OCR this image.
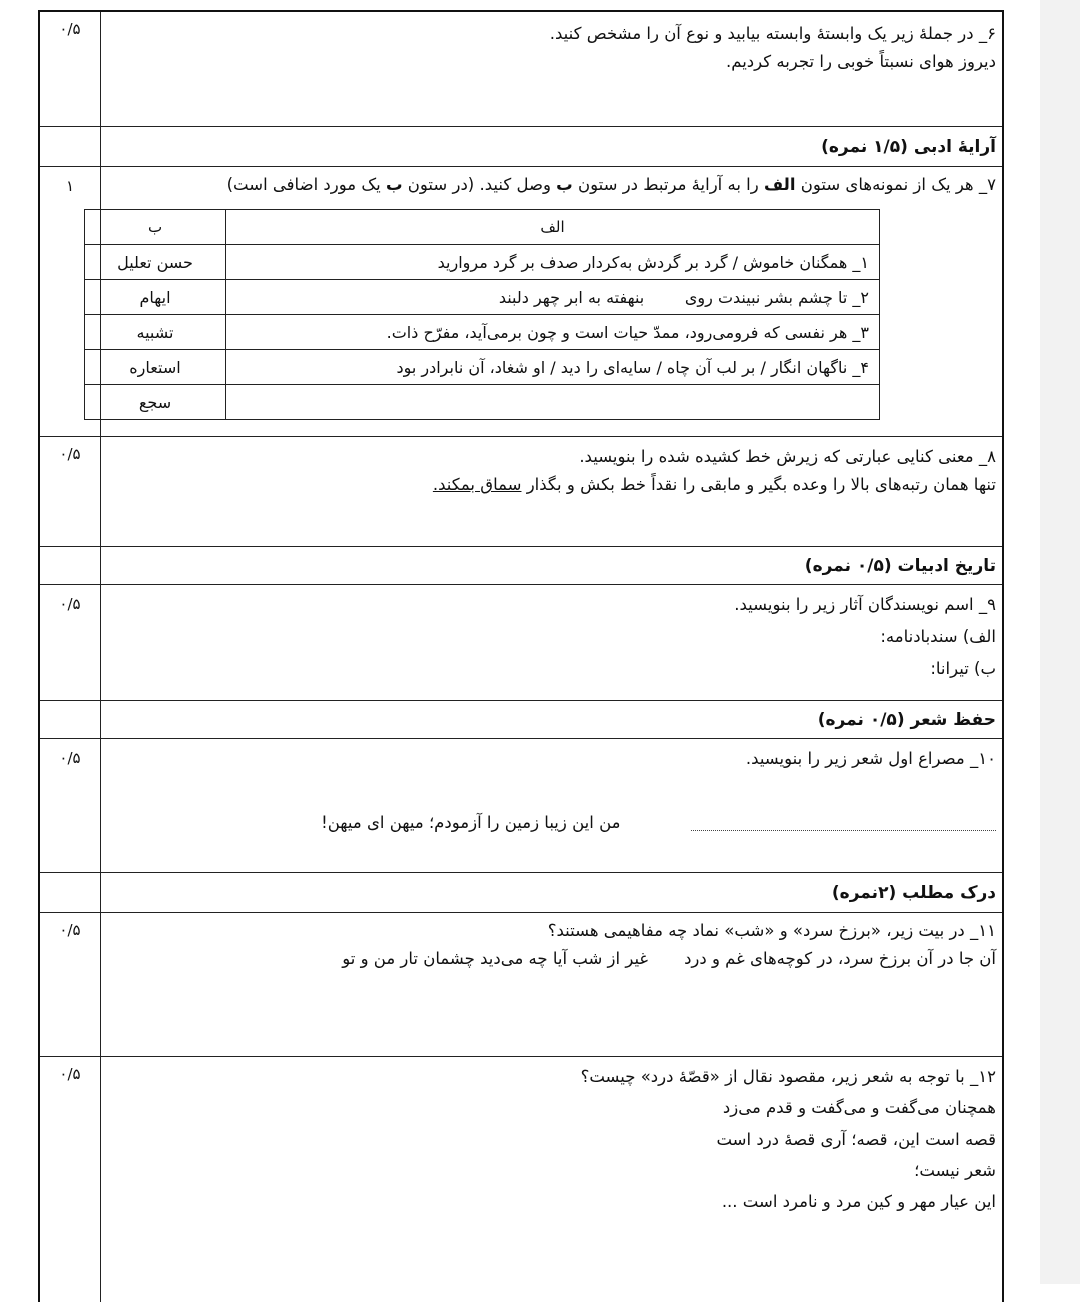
۰/۵	۶_ در جملهٔ زیر یک وابستهٔ وابسته بیابید و نوع آن را مشخص کنید.
دیروز هوای نسبتاً خوبی را تجربه کردیم.
آرایهٔ ادبی (۱/۵ نمره)
۱	۷_ هر یک از نمونه‌های ستون الف را به آرایهٔ مرتبط در ستون ب وصل کنید. (در ستون ب یک مورد اضافی است)
الف	ب
۱_ همگنان خاموش / گرد بر گردش به‌کردار صدف بر گرد مروارید	حسن تعلیل
۲_ تا چشم بشر نبیندت روی        بنهفته به ابر چهر دلبند	ایهام
۳_ هر نفسی که فرومی‌رود، ممدّ حیات است و چون برمی‌آید، مفرّح ذات.	تشبیه
۴_ ناگهان انگار / بر لب آن چاه / سایه‌ای را دید / او شغاد، آن نابرادر بود	استعاره
	سجع
۰/۵	۸_ معنی کنایی عبارتی که زیرش خط کشیده شده را بنویسید.
تنها همان رتبه‌های بالا را وعده بگیر و مابقی را نقداً خط بکش و بگذار سماق بمکند.
تاریخ ادبیات (۰/۵ نمره)
۰/۵	۹_ اسم نویسندگان آثار زیر را بنویسید.
الف) سندبادنامه:
ب) تیرانا:
حفظ شعر (۰/۵ نمره)
۰/۵	۱۰_ مصراع اول شعر زیر را بنویسید.
من این زیبا زمین را آزمودم؛ میهن ای میهن!
درک مطلب (۲نمره)
۰/۵	۱۱_ در بیت زیر، «برزخ سرد» و «شب» نماد چه مفاهیمی هستند؟
آن جا در آن برزخ سرد، در کوچه‌های غم و دردغیر از شب آیا چه می‌دید چشمان تار من و تو
۰/۵	۱۲_ با توجه به شعر زیر، مقصود نقال از «قصّهٔ درد» چیست؟
همچنان می‌گفت و می‌گفت و قدم می‌زد
قصه است این، قصه؛ آری قصهٔ درد است
شعر نیست؛
این عیار مهر و کین مرد و نامرد است ...
